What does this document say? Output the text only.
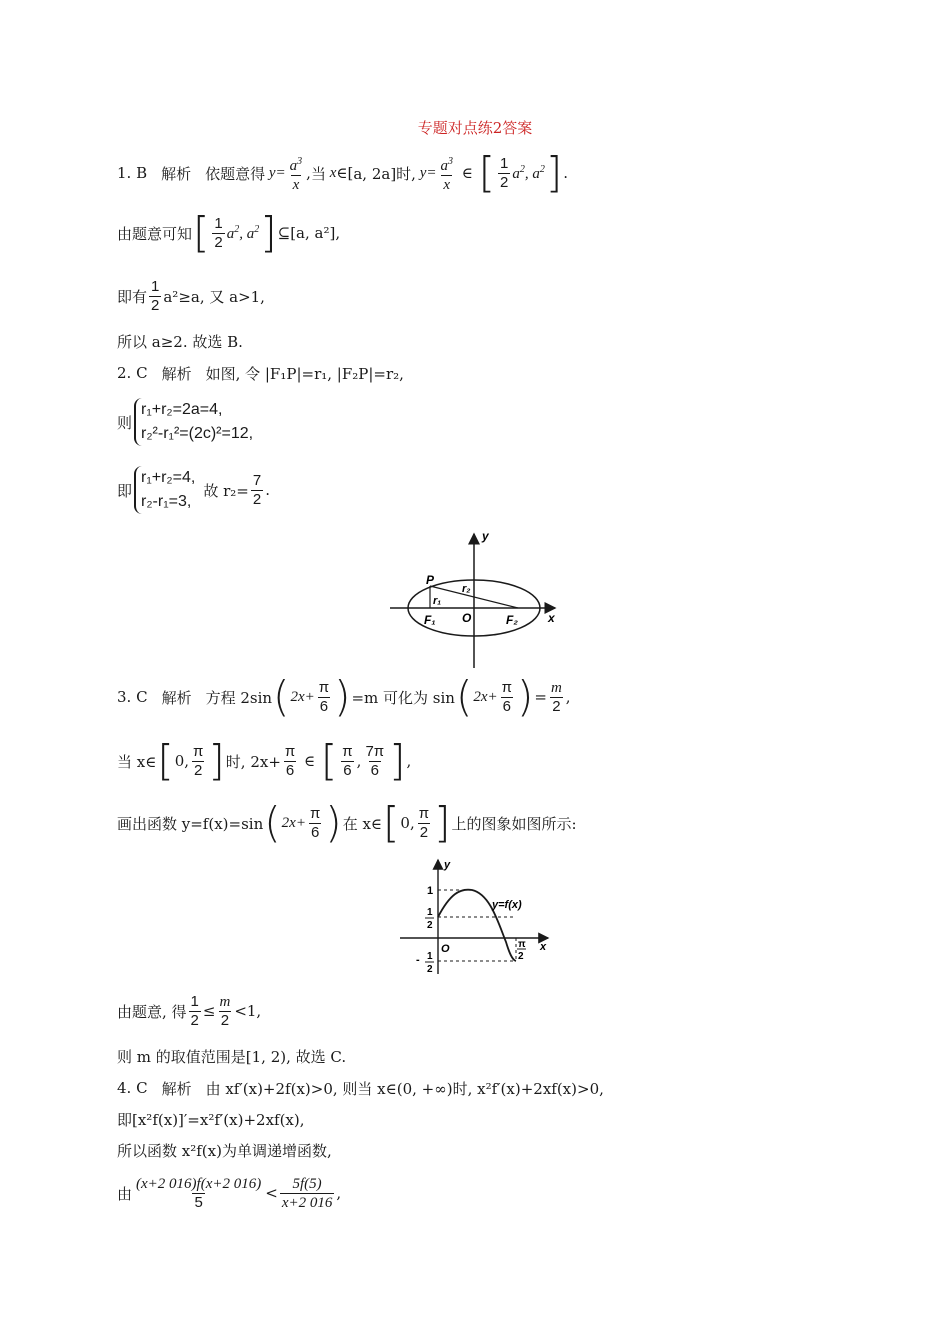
专题对点练2答案
1. B 解析 依题意得 $y= \frac{a^3}{x}$ , 当 x ∈[ a, 2a]时, $y= \frac{a^3}{x}$ ∈ [ $\frac{1}{2} a^2$, $a^2$ ] .
由题意可知 [ $\frac{1}{2} a^2$, $a^2$ ] ⊆[a, a²],
即有 $\frac{1}{2} a^2\ge a$, 又 a>1,
所以 a≥2. 故选 B.
2. C 解析 如图, 令 |F₁P|=r₁, |F₂P|=r₂,
则
r₁+r₂=2a=4,
r₂²-r₁²=(2c)²=12,
即
r₁+r₂=4,
r₂-r₁=3,
故 $r_2= \frac{7}{2}$ .
y
x
P
r₁
r₂
F₁ O	F₂
3. C 解析 方程 2sin ( $2x+ \frac{\pi}{6}$ ) =m 可化为 sin ( $2x+ \frac{\pi}{6}$ ) = $\frac{m}{2}$ ,
当 x∈ [ 0, $\frac{\pi}{2}$ ] 时, $2x+ \frac{\pi}{6}$ ∈ [ $\frac{\pi}{6}$ , $\frac{7\pi}{6}$ ] ,
画出函数 y=f(x)=sin ( $2x+ \frac{\pi}{6}$ ) 在 x∈ [ 0, $\frac{\pi}{2}$ ] 上的图象如图所示:
y
x
O
1
1
2
- 1
2
y=f(x)
π
2
由题意, 得 $\frac{1}{2} \le \frac{m}{2} <1$,
则 m 的取值范围是[1, 2), 故选 C.
4. C 解析 由 xf′(x)+2f(x)>0, 则当 x∈(0, +∞)时, x²f′(x)+2xf(x)>0,
即[x²f(x)]′=x²f′(x)+2xf(x),
所以函数 x²f(x)为单调递增函数,
由 $\frac{(x+2 016)f(x+2 016)}{5} < \frac{5f(5)}{x+2 016}$ ,
